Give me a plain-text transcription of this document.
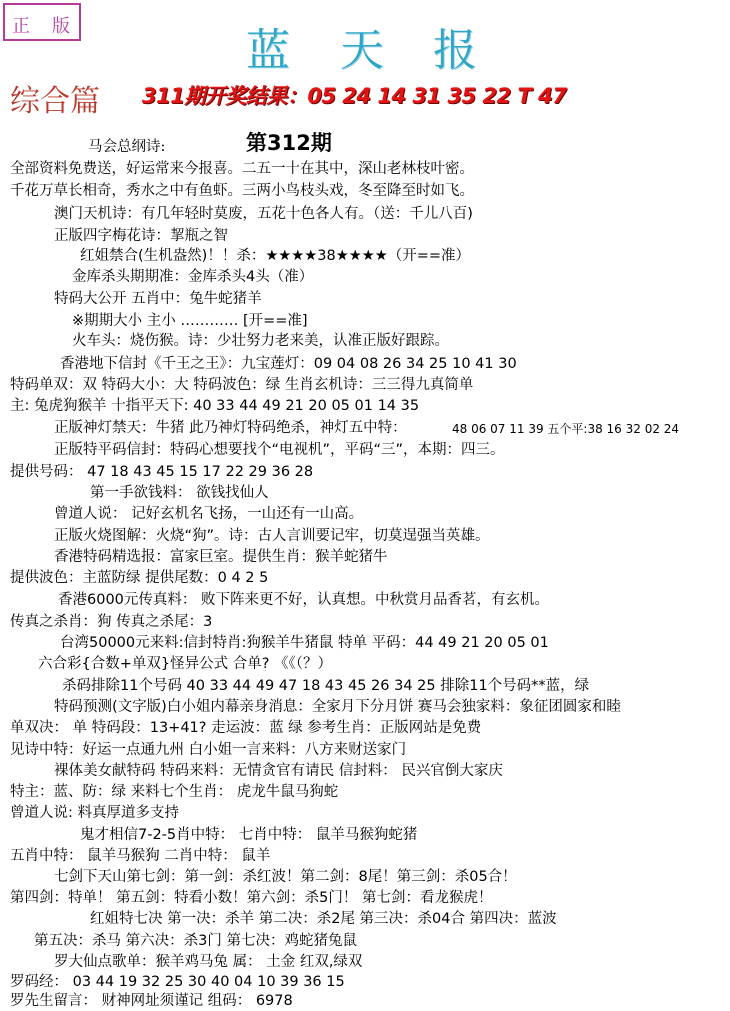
正 版	蓝 天 报
综合篇 311期开奖结果：05 24 14 31 35 22 T 47
第312期
马会总纲诗:
全部资料免费送，好运常来今报喜。二五一十在其中，深山老林枝叶密。
千花万草长相奇，秀水之中有鱼虾。三两小鸟枝头戏，冬至降至时如飞。
澳门天机诗：有几年轻时莫废，五花十色各人有。（送：千儿八百)
正版四字梅花诗：挈瓶之智
红姐禁合(生机盎然)！！杀：★★★★38★★★★（开==准）
金库杀头期期准：金库杀头4头（准）
特码大公开 五肖中：兔牛蛇猪羊
※期期大小 主小 ………… [开==准]
火车头：烧伤猴。诗：少壮努力老来美，认准正版好跟踪。
香港地下信封《千王之王》：九宝莲灯：09 04 08 26 34 25 10 41 30
特码单双：双 特码大小：大 特码波色：绿 生肖玄机诗：三三得九真简单
主: 兔虎狗猴羊 十指平天下: 40 33 44 49 21 20 05 01 14 35
正版神灯禁天：牛猪 此乃神灯特码绝杀，神灯五中特：	48 06 07 11 39 五个平:38 16 32 02 24
正版特平码信封：特码心想要找个“电视机”，平码“三”，本期：四三。
提供号码： 47 18 43 45 15 17 22 29 36 28
第一手欲钱料： 欲钱找仙人
曾道人说： 记好玄机名飞扬，一山还有一山高。
正版火烧图解：火烧“狗”。诗：古人言训要记牢，切莫逞强当英雄。
香港特码精选报：富家巨室。提供生肖：猴羊蛇猪牛
提供波色：主蓝防绿 提供尾数：0 4 2 5
香港6000元传真料： 败下阵来更不好，认真想。中秋赏月品香茗，有玄机。
传真之杀肖：狗 传真之杀尾：3
台湾50000元来料:信封特肖:狗猴羊牛猪鼠 特单 平码：44 49 21 20 05 01
六合彩{合数+单双}怪异公式 合单? 《《（？）
杀码排除11个号码 40 33 44 49 47 18 43 45 26 34 25 排除11个号码**蓝，绿
特码预测(文字版)白小姐内幕亲身消息：全家月下分月饼 赛马会独家料：象征团圆家和睦
单双决： 单 特码段：13+41? 走运波：蓝 绿 参考生肖：正版网站是免费
见诗中特：好运一点通九州 白小姐一言来料：八方来财送家门
裸体美女献特码 特码来料：无情贪官有请民 信封料： 民兴官倒大家庆
特主：蓝、防：绿 来料七个生肖： 虎龙牛鼠马狗蛇
曾道人说: 料真厚道多支持
鬼才相信7-2-5肖中特： 七肖中特： 鼠羊马猴狗蛇猪
五肖中特： 鼠羊马猴狗 二肖中特： 鼠羊
七剑下天山第七剑：第一剑：杀红波！第二剑：8尾！第三剑：杀05合！
第四剑：特单！ 第五剑：特看小数！第六剑：杀5门！ 第七剑：看龙猴虎！
红姐特七决 第一决：杀羊 第二决：杀2尾 第三决：杀04合 第四决：蓝波
第五决：杀马 第六决：杀3门 第七决：鸡蛇猪兔鼠
罗大仙点歌单：猴羊鸡马兔 属： 土金 红双,绿双
罗码经： 03 44 19 32 25 30 40 04 10 39 36 15
罗先生留言： 财神网址须谨记 组码： 6978
